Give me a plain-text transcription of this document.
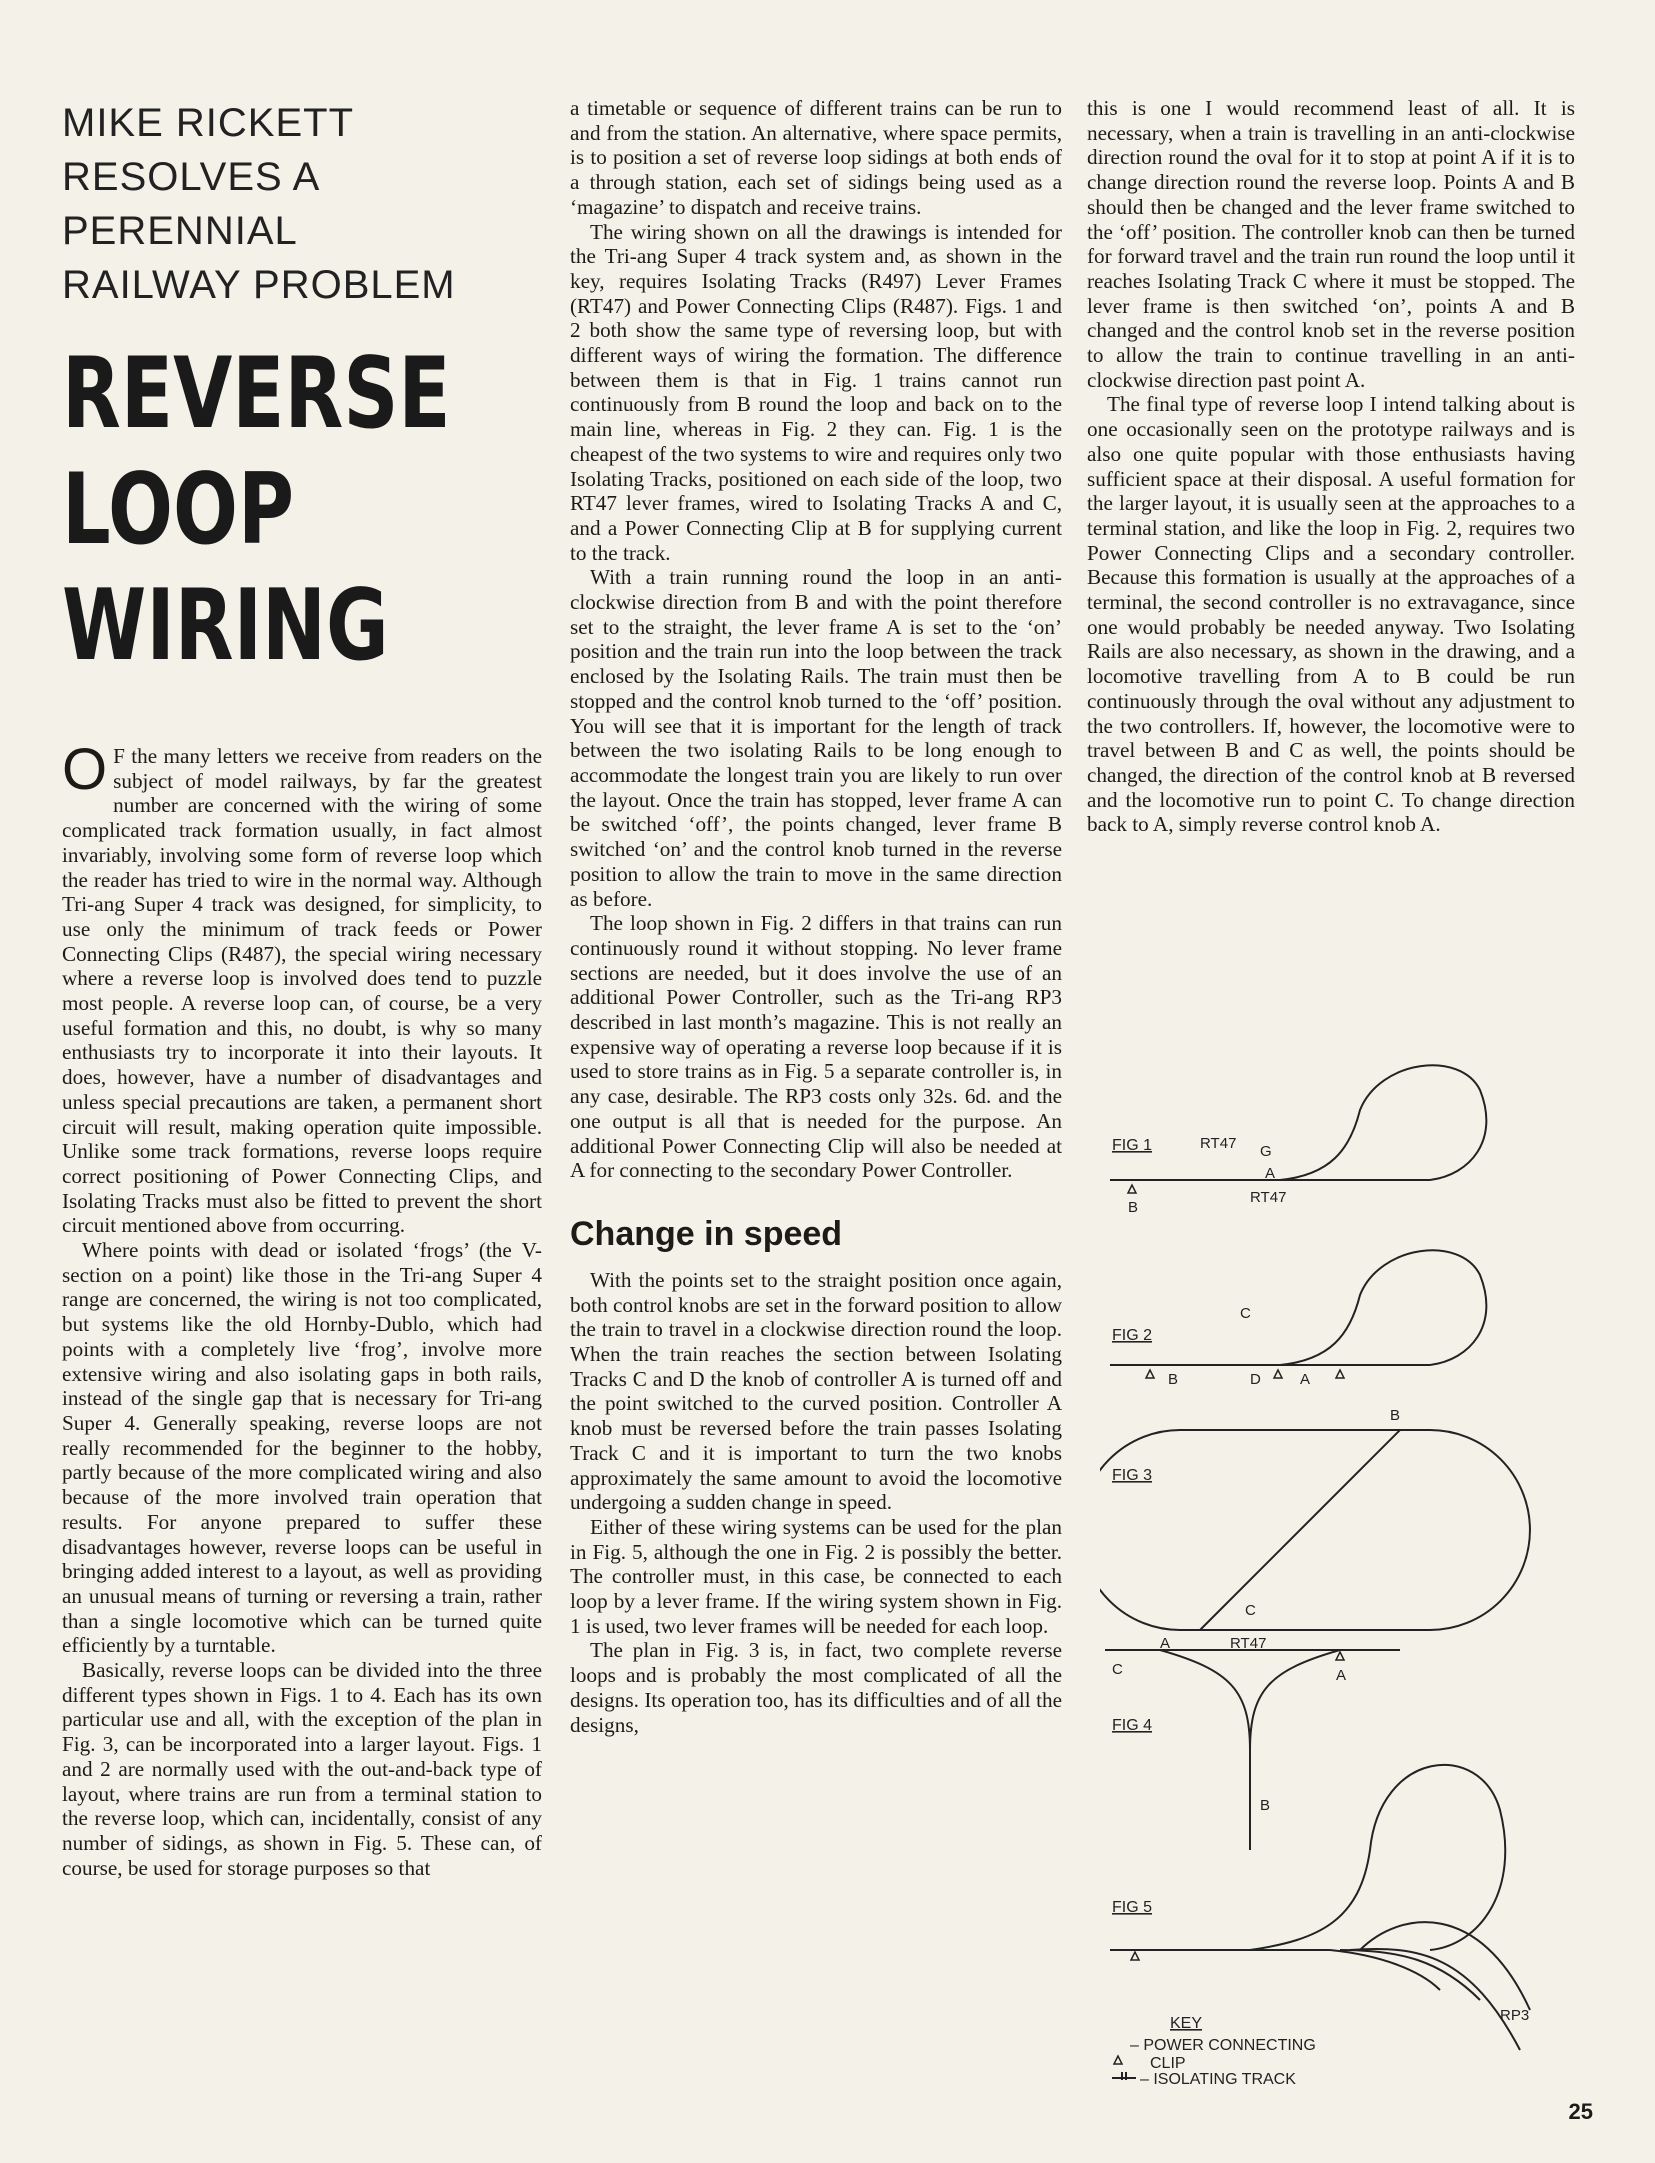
MIKE RICKETT
RESOLVES A
PERENNIAL
RAILWAY PROBLEM
REVERSE
LOOP
WIRING

O F the many letters we receive from readers on the subject of model railways, by far the greatest number are concerned with the wiring of some complicated track formation usually, in fact almost invariably, involving some form of reverse loop which the reader has tried to wire in the normal way. Although Tri-ang Super 4 track was designed, for simplicity, to use only the minimum of track feeds or Power Connecting Clips (R487), the special wiring necessary where a reverse loop is involved does tend to puzzle most people. A reverse loop can, of course, be a very useful formation and this, no doubt, is why so many enthusiasts try to incorporate it into their layouts. It does, however, have a number of disadvantages and unless special precautions are taken, a permanent short circuit will result, making operation quite impossible. Unlike some track formations, reverse loops require correct positioning of Power Connecting Clips, and Isolating Tracks must also be fitted to prevent the short circuit mentioned above from occurring.

Where points with dead or isolated ‘frogs’ (the V-section on a point) like those in the Tri-ang Super 4 range are concerned, the wiring is not too complicated, but systems like the old Hornby-Dublo, which had points with a completely live ‘frog’, involve more extensive wiring and also isolating gaps in both rails, instead of the single gap that is necessary for Tri-ang Super 4. Generally speaking, reverse loops are not really recommended for the beginner to the hobby, partly because of the more complicated wiring and also because of the more involved train operation that results. For anyone prepared to suffer these disadvantages however, reverse loops can be useful in bringing added interest to a layout, as well as providing an unusual means of turning or reversing a train, rather than a single locomotive which can be turned quite efficiently by a turntable.

Basically, reverse loops can be divided into the three different types shown in Figs. 1 to 4. Each has its own particular use and all, with the exception of the plan in Fig. 3, can be incorporated into a larger layout. Figs. 1 and 2 are normally used with the out-and-back type of layout, where trains are run from a terminal station to the reverse loop, which can, incidentally, consist of any number of sidings, as shown in Fig. 5. These can, of course, be used for storage purposes so that

a timetable or sequence of different trains can be run to and from the station. An alternative, where space permits, is to position a set of reverse loop sidings at both ends of a through station, each set of sidings being used as a ‘magazine’ to dispatch and receive trains.

The wiring shown on all the drawings is intended for the Tri-ang Super 4 track system and, as shown in the key, requires Isolating Tracks (R497) Lever Frames (RT47) and Power Connecting Clips (R487). Figs. 1 and 2 both show the same type of reversing loop, but with different ways of wiring the formation. The difference between them is that in Fig. 1 trains cannot run continuously from B round the loop and back on to the main line, whereas in Fig. 2 they can. Fig. 1 is the cheapest of the two systems to wire and requires only two Isolating Tracks, positioned on each side of the loop, two RT47 lever frames, wired to Isolating Tracks A and C, and a Power Connecting Clip at B for supplying current to the track.

With a train running round the loop in an anti-clockwise direction from B and with the point therefore set to the straight, the lever frame A is set to the ‘on’ position and the train run into the loop between the track enclosed by the Isolating Rails. The train must then be stopped and the control knob turned to the ‘off’ position. You will see that it is important for the length of track between the two isolating Rails to be long enough to accommodate the longest train you are likely to run over the layout. Once the train has stopped, lever frame A can be switched ‘off’, the points changed, lever frame B switched ‘on’ and the control knob turned in the reverse position to allow the train to move in the same direction as before.

The loop shown in Fig. 2 differs in that trains can run continuously round it without stopping. No lever frame sections are needed, but it does involve the use of an additional Power Controller, such as the Tri-ang RP3 described in last month’s magazine. This is not really an expensive way of operating a reverse loop because if it is used to store trains as in Fig. 5 a separate controller is, in any case, desirable. The RP3 costs only 32s. 6d. and the one output is all that is needed for the purpose. An additional Power Connecting Clip will also be needed at A for connecting to the secondary Power Controller.

Change in speed

With the points set to the straight position once again, both control knobs are set in the forward position to allow the train to travel in a clockwise direction round the loop. When the train reaches the section between Isolating Tracks C and D the knob of controller A is turned off and the point switched to the curved position. Controller A knob must be reversed before the train passes Isolating Track C and it is important to turn the two knobs approximately the same amount to avoid the locomotive undergoing a sudden change in speed.

Either of these wiring systems can be used for the plan in Fig. 5, although the one in Fig. 2 is possibly the better. The controller must, in this case, be connected to each loop by a lever frame. If the wiring system shown in Fig. 1 is used, two lever frames will be needed for each loop.

The plan in Fig. 3 is, in fact, two complete reverse loops and is probably the most complicated of all the designs. Its operation too, has its difficulties and of all the designs,

this is one I would recommend least of all. It is necessary, when a train is travelling in an anti-clockwise direction round the oval for it to stop at point A if it is to change direction round the reverse loop. Points A and B should then be changed and the lever frame switched to the ‘off’ position. The controller knob can then be turned for forward travel and the train run round the loop until it reaches Isolating Track C where it must be stopped. The lever frame is then switched ‘on’, points A and B changed and the control knob set in the reverse position to allow the train to continue travelling in an anti-clockwise direction past point A.

The final type of reverse loop I intend talking about is one occasionally seen on the prototype railways and is also one quite popular with those enthusiasts having sufficient space at their disposal. A useful formation for the larger layout, it is usually seen at the approaches to a terminal station, and like the loop in Fig. 2, requires two Power Connecting Clips and a secondary controller. Because this formation is usually at the approaches of a terminal, the second controller is no extravagance, since one would probably be needed anyway. Two Isolating Rails are also necessary, as shown in the drawing, and a locomotive travelling from A to B could be run continuously through the oval without any adjustment to the two controllers. If, however, the locomotive were to travel between B and C as well, the points should be changed, the direction of the control knob at B reversed and the locomotive run to point C. To change direction back to A, simply reverse control knob A.

FIG 1	RT47 G
A
RT47
B
FIG 2
C
B	D	A
FIG 3
B
C
A	RT47
C	A
FIG 4
B
FIG 5
RP3
KEY
– POWER CONNECTING
CLIP
– ISOLATING TRACK
25
